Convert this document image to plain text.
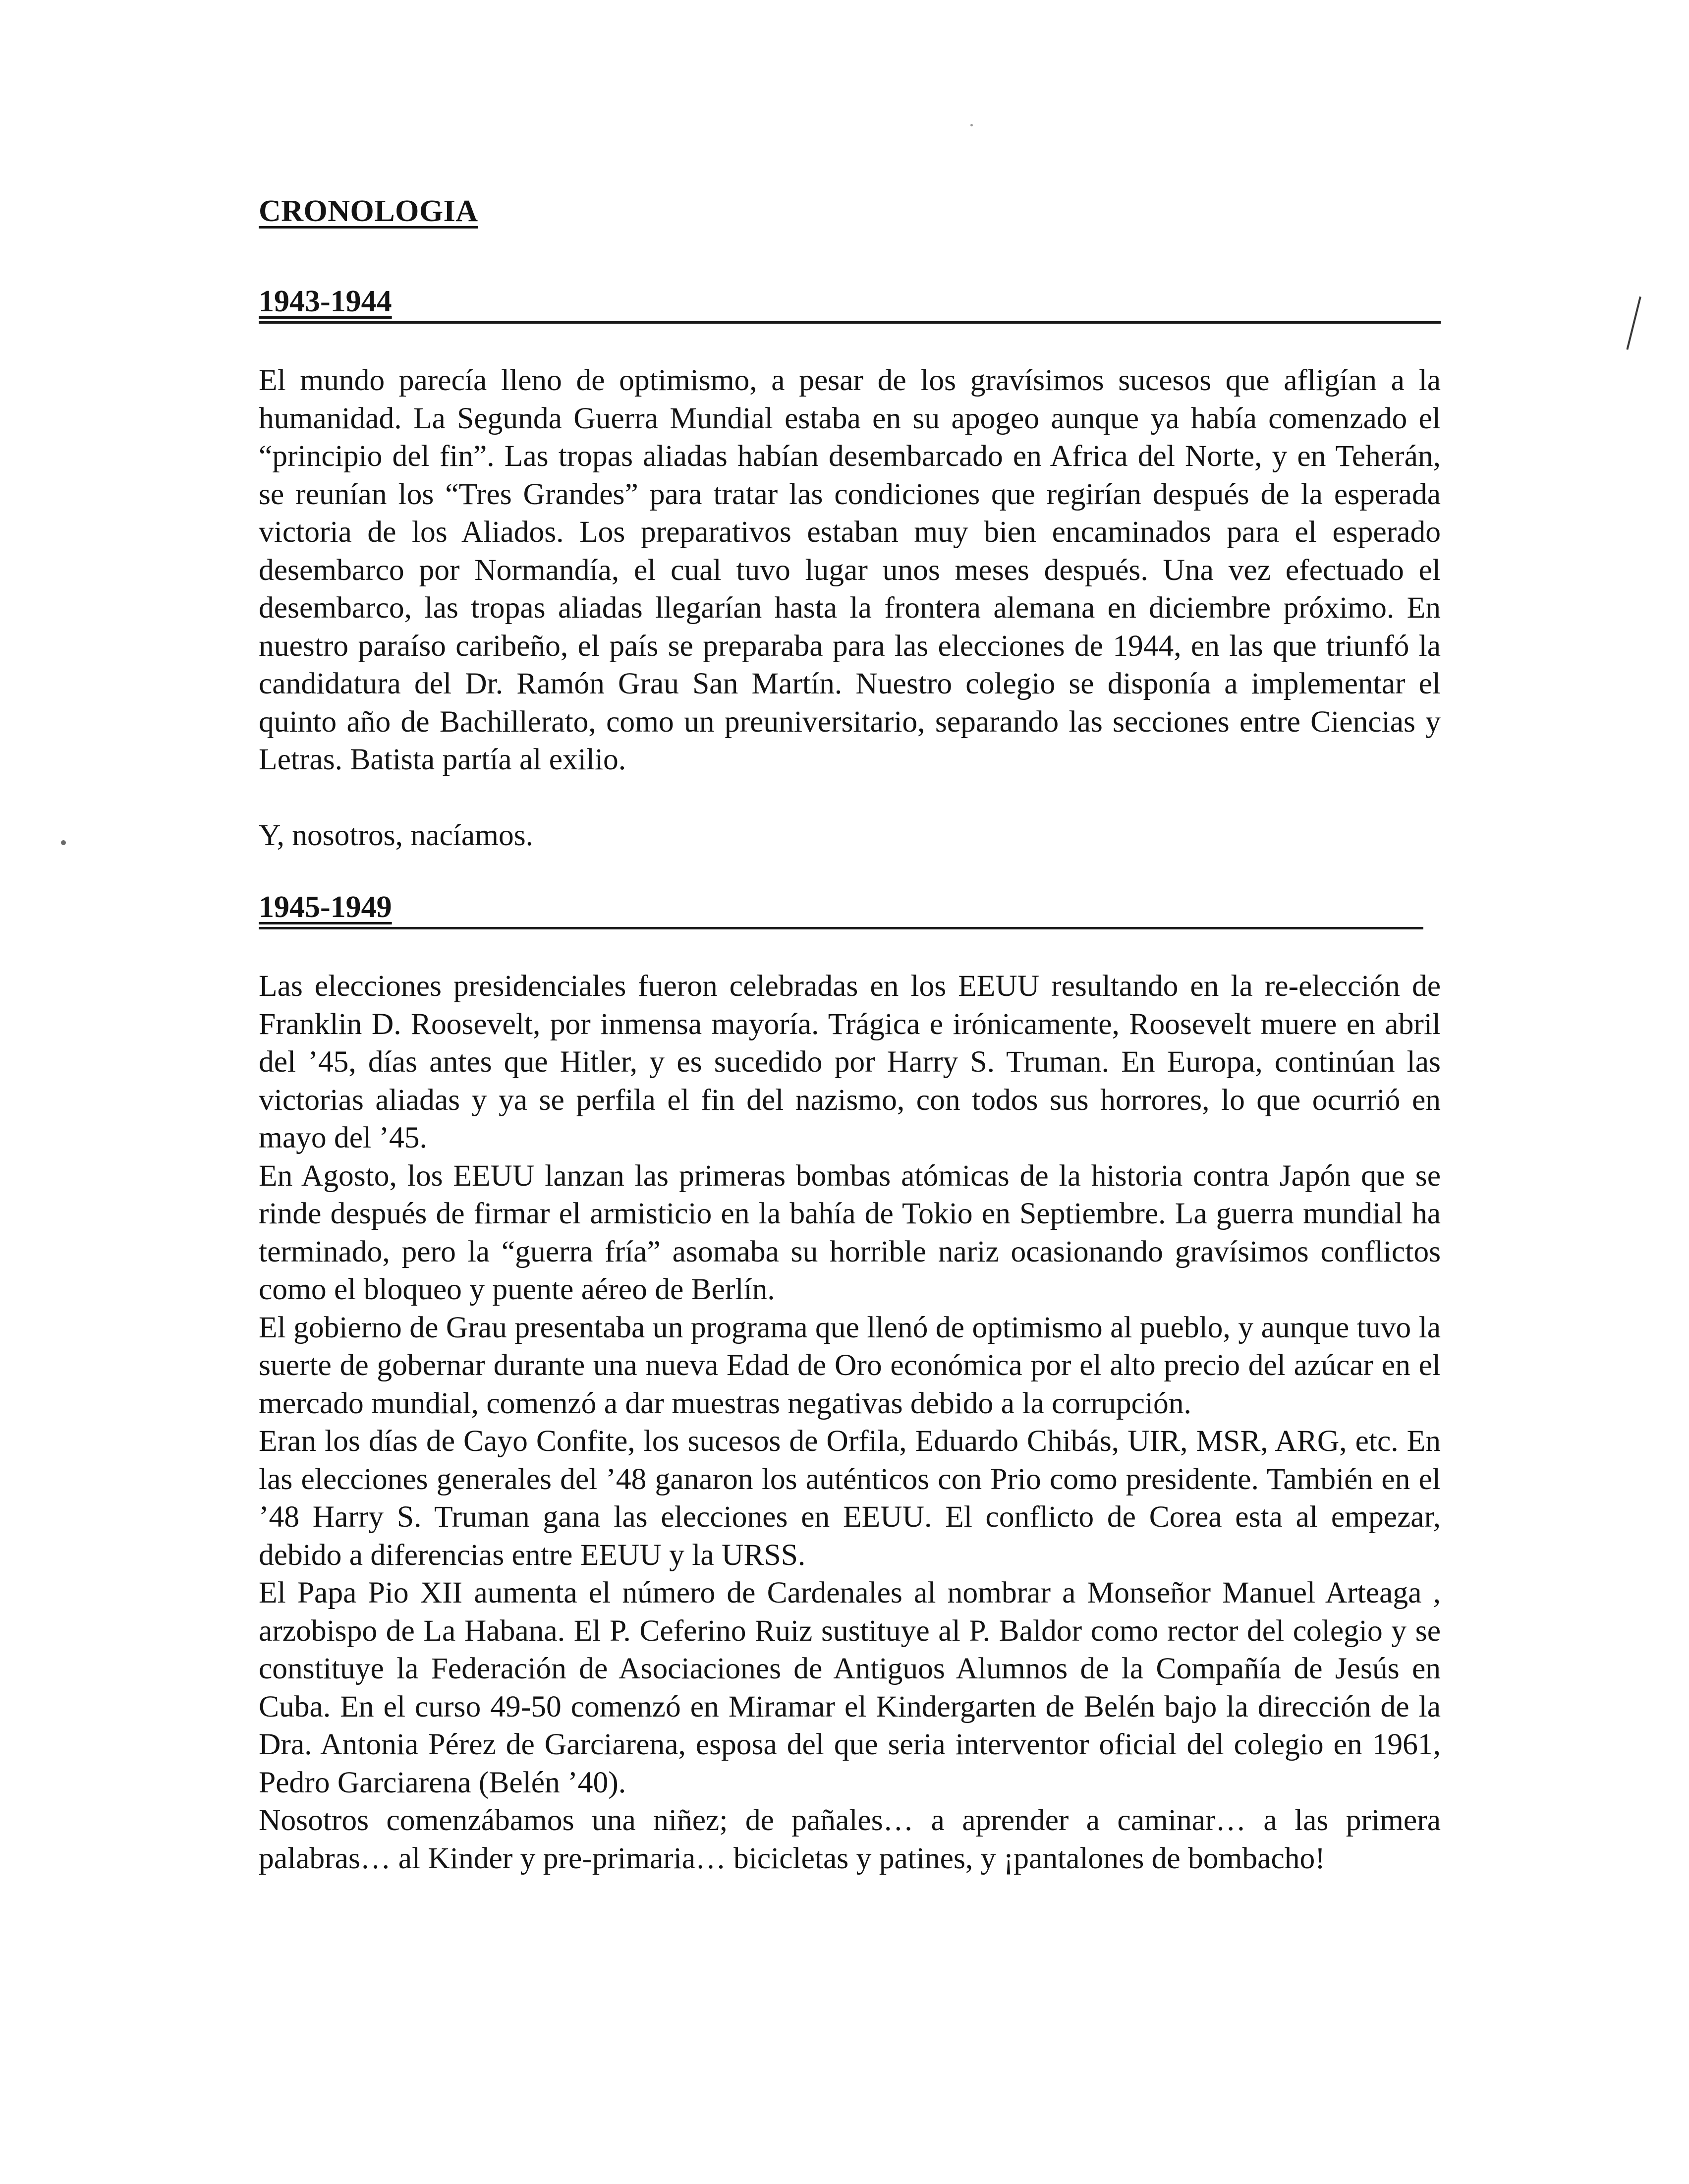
CRONOLOGIA
1943-1944

El mundo parecía lleno de optimismo, a pesar de los gravísimos sucesos que afligían a la humanidad. La Segunda Guerra Mundial estaba en su apogeo aunque ya había comenzado el “principio del fin”. Las tropas aliadas habían desembarcado en Africa del Norte, y en Teherán, se reunían los “Tres Grandes” para tratar las condiciones que regirían después de la esperada victoria de los Aliados. Los preparativos estaban muy bien encaminados para el esperado desembarco por Normandía, el cual tuvo lugar unos meses después. Una vez efectuado el desembarco, las tropas aliadas llegarían hasta la frontera alemana en diciembre próximo. En nuestro paraíso caribeño, el país se preparaba para las elecciones de 1944, en las que triunfó la candidatura del Dr. Ramón Grau San Martín. Nuestro colegio se disponía a implementar el quinto año de Bachillerato, como un preuniversitario, separando las secciones entre Ciencias y Letras. Batista partía al exilio.

Y, nosotros, nacíamos.

1945-1949

Las elecciones presidenciales fueron celebradas en los EEUU resultando en la re-elección de Franklin D. Roosevelt, por inmensa mayoría. Trágica e irónicamente, Roosevelt muere en abril del ’45, días antes que Hitler, y es sucedido por Harry S. Truman. En Europa, continúan las victorias aliadas y ya se perfila el fin del nazismo, con todos sus horrores, lo que ocurrió en mayo del ’45.

En Agosto, los EEUU lanzan las primeras bombas atómicas de la historia contra Japón que se rinde después de firmar el armisticio en la bahía de Tokio en Septiembre. La guerra mundial ha terminado, pero la “guerra fría” asomaba su horrible nariz ocasionando gravísimos conflictos como el bloqueo y puente aéreo de Berlín.

El gobierno de Grau presentaba un programa que llenó de optimismo al pueblo, y aunque tuvo la suerte de gobernar durante una nueva Edad de Oro económica por el alto precio del azúcar en el mercado mundial, comenzó a dar muestras negativas debido a la corrupción.

Eran los días de Cayo Confite, los sucesos de Orfila, Eduardo Chibás, UIR, MSR, ARG, etc. En las elecciones generales del ’48 ganaron los auténticos con Prio como presidente. También en el ’48 Harry S. Truman gana las elecciones en EEUU. El conflicto de Corea esta al empezar, debido a diferencias entre EEUU y la URSS.

El Papa Pio XII aumenta el número de Cardenales al nombrar a Monseñor Manuel Arteaga , arzobispo de La Habana. El P. Ceferino Ruiz sustituye al P. Baldor como rector del colegio y se constituye la Federación de Asociaciones de Antiguos Alumnos de la Compañía de Jesús en Cuba. En el curso 49-50 comenzó en Miramar el Kindergarten de Belén bajo la dirección de la Dra. Antonia Pérez de Garciarena, esposa del que seria interventor oficial del colegio en 1961, Pedro Garciarena (Belén ’40).

Nosotros comenzábamos una niñez; de pañales… a aprender a caminar… a las primera palabras… al Kinder y pre-primaria… bicicletas y patines, y ¡pantalones de bombacho!
